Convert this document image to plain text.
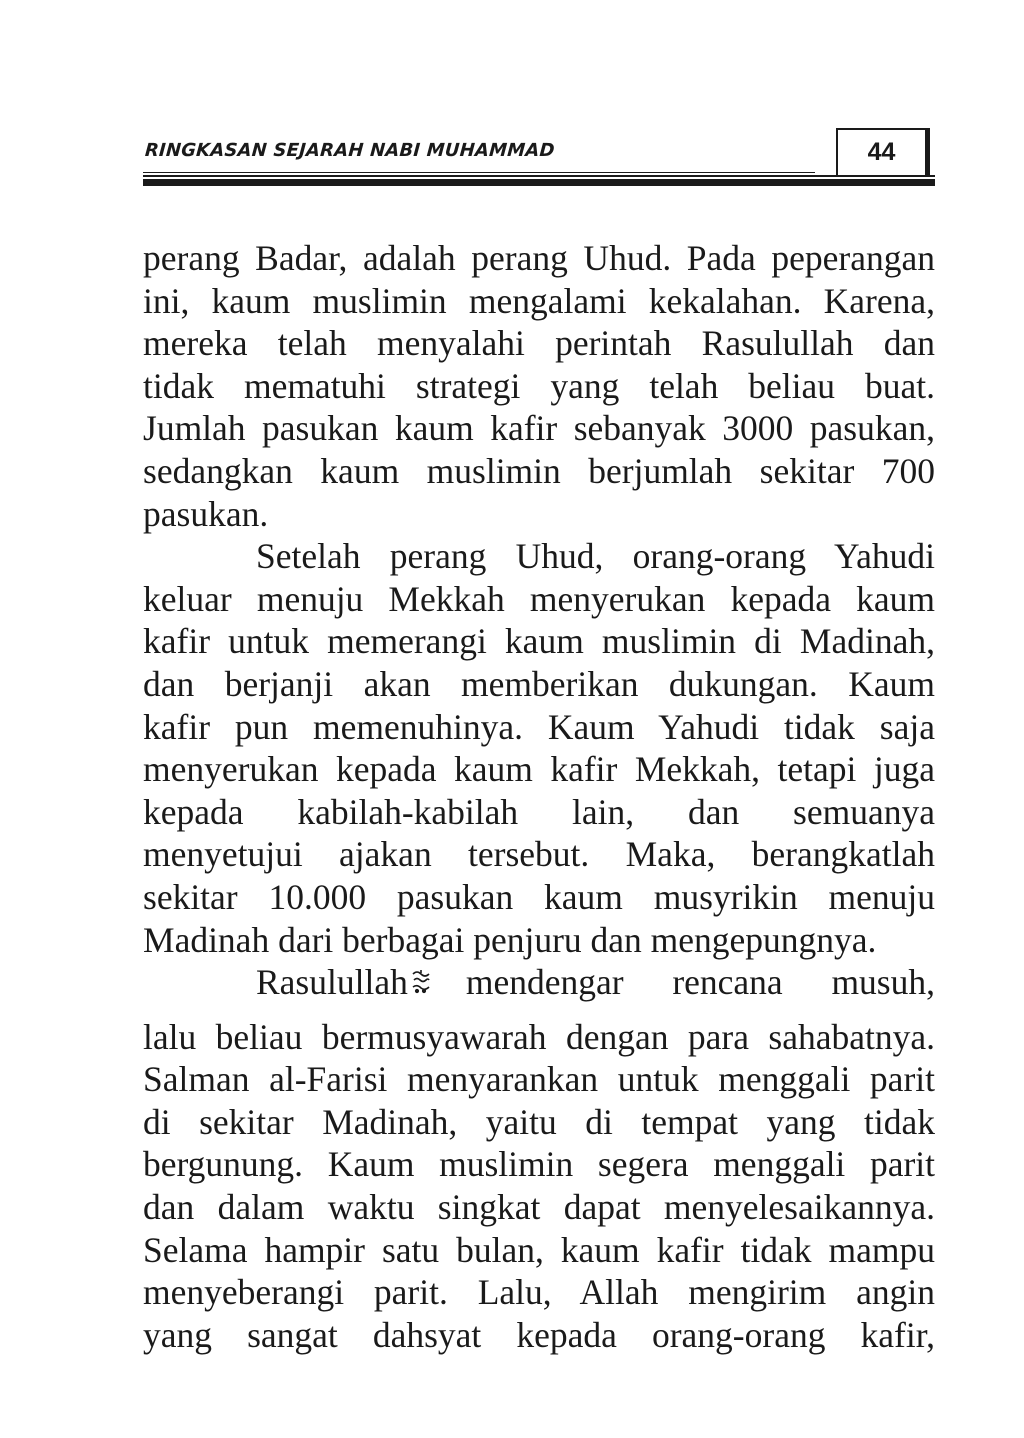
RINGKASAN SEJARAH NABI MUHAMMAD	44
perang Badar, adalah perang Uhud. Pada peperangan
ini, kaum muslimin mengalami kekalahan. Karena,
mereka telah menyalahi perintah Rasulullah dan
tidak mematuhi strategi yang telah beliau buat.
Jumlah pasukan kaum kafir sebanyak 3000 pasukan,
sedangkan kaum muslimin berjumlah sekitar 700
pasukan.
Setelah perang Uhud, orang-orang Yahudi
keluar menuju Mekkah menyerukan kepada kaum
kafir untuk memerangi kaum muslimin di Madinah,
dan berjanji akan memberikan dukungan. Kaum
kafir pun memenuhinya. Kaum Yahudi tidak saja
menyerukan kepada kaum kafir Mekkah, tetapi juga
kepada kabilah-kabilah lain, dan semuanya
menyetujui ajakan tersebut. Maka, berangkatlah
sekitar 10.000 pasukan kaum musyrikin menuju
Madinah dari berbagai penjuru dan mengepungnya.
Rasulullah	mendengar rencana musuh,
lalu beliau bermusyawarah dengan para sahabatnya.
Salman al-Farisi menyarankan untuk menggali parit
di sekitar Madinah, yaitu di tempat yang tidak
bergunung. Kaum muslimin segera menggali parit
dan dalam waktu singkat dapat menyelesaikannya.
Selama hampir satu bulan, kaum kafir tidak mampu
menyeberangi parit. Lalu, Allah mengirim angin
yang sangat dahsyat kepada orang-orang kafir,
